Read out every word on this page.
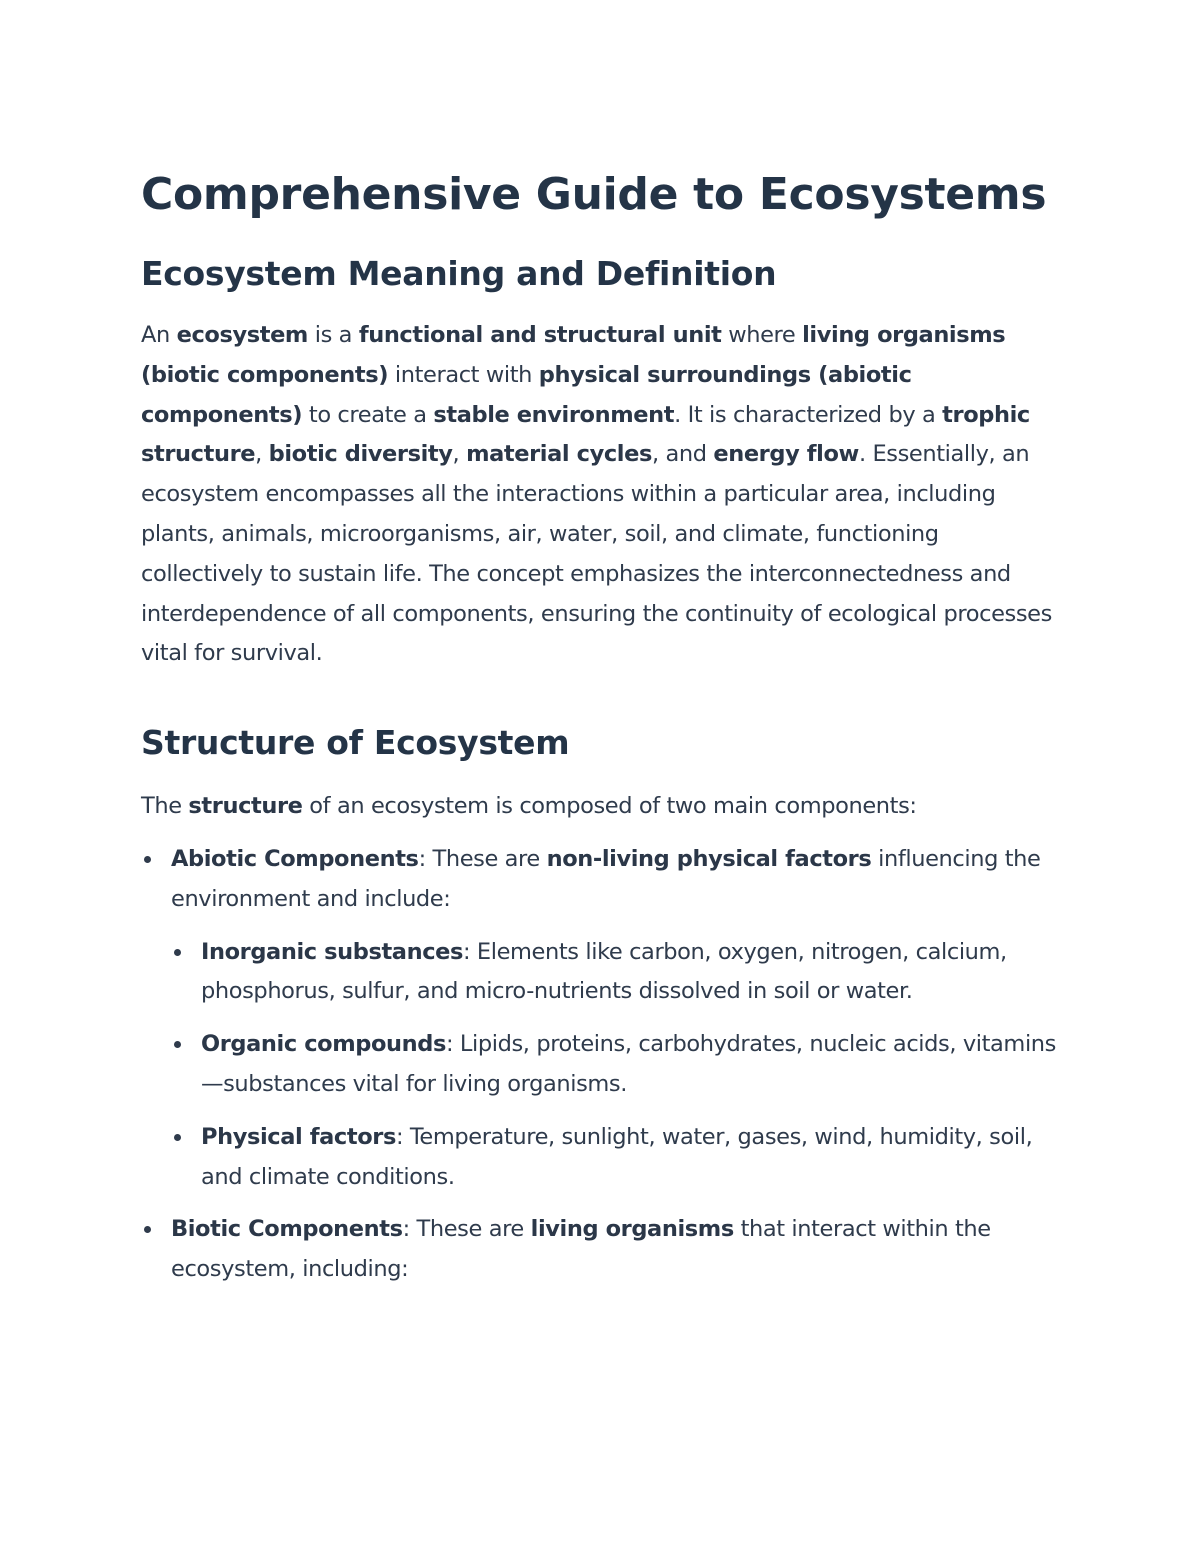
Comprehensive Guide to Ecosystems
Ecosystem Meaning and Definition

An ecosystem is a functional and structural unit where living organisms (biotic components) interact with physical surroundings (abiotic components) to create a stable environment. It is characterized by a trophic structure, biotic diversity, material cycles, and energy flow. Essentially, an ecosystem encompasses all the interactions within a particular area, including plants, animals, microorganisms, air, water, soil, and climate, functioning collectively to sustain life. The concept emphasizes the interconnectedness and interdependence of all components, ensuring the continuity of ecological processes vital for survival.

Structure of Ecosystem

The structure of an ecosystem is composed of two main components:

Abiotic Components: These are non-living physical factors influencing the environment and include:
Inorganic substances: Elements like carbon, oxygen, nitrogen, calcium, phosphorus, sulfur, and micro-nutrients dissolved in soil or water.
Organic compounds: Lipids, proteins, carbohydrates, nucleic acids, vitamins—substances vital for living organisms.
Physical factors: Temperature, sunlight, water, gases, wind, humidity, soil, and climate conditions.
Biotic Components: These are living organisms that interact within the ecosystem, including:
